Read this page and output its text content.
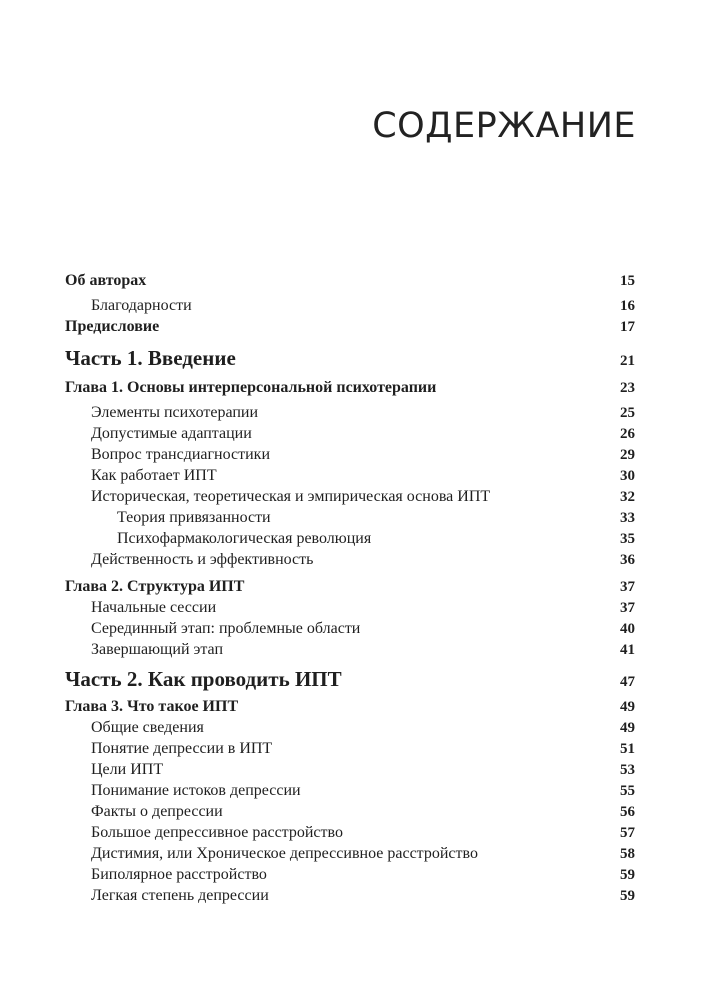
СОДЕРЖАНИЕ
Об авторах	15
Благодарности	16
Предисловие	17
Часть 1. Введение	21
Глава 1. Основы интерперсональной психотерапии	23
Элементы психотерапии	25
Допустимые адаптации	26
Вопрос трансдиагностики	29
Как работает ИПТ	30
Историческая, теоретическая и эмпирическая основа ИПТ	32
Теория привязанности	33
Психофармакологическая революция	35
Действенность и эффективность	36
Глава 2. Структура ИПТ	37
Начальные сессии	37
Серединный этап: проблемные области	40
Завершающий этап	41
Часть 2. Как проводить ИПТ	47
Глава 3. Что такое ИПТ	49
Общие сведения	49
Понятие депрессии в ИПТ	51
Цели ИПТ	53
Понимание истоков депрессии	55
Факты о депрессии	56
Большое депрессивное расстройство	57
Дистимия, или Хроническое депрессивное расстройство	58
Биполярное расстройство	59
Легкая степень депрессии	59
